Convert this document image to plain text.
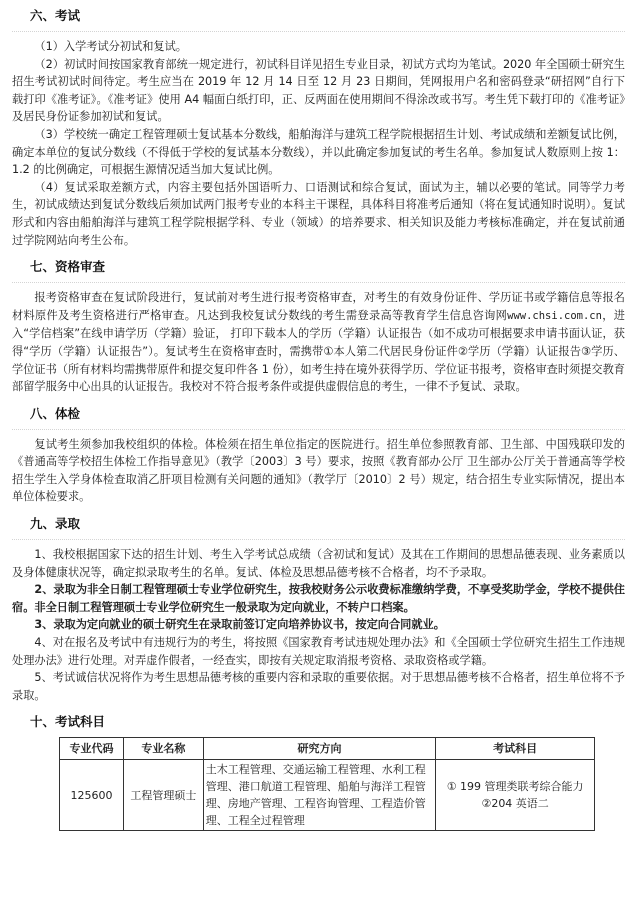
六、考试

（1）入学考试分初试和复试。

（2）初试时间按国家教育部统一规定进行，初试科目详见招生专业目录，初试方式均为笔试。2020 年全国硕士研究生招生考试初试时间待定。考生应当在 2019 年 12 月 14 日至 12 月 23 日期间，凭网报用户名和密码登录“研招网”自行下载打印《准考证》。《准考证》使用 A4 幅面白纸打印，正、反两面在使用期间不得涂改或书写。考生凭下载打印的《准考证》及居民身份证参加初试和复试。

（3）学校统一确定工程管理硕士复试基本分数线，船舶海洋与建筑工程学院根据招生计划、考试成绩和差额复试比例，确定本单位的复试分数线（不得低于学校的复试基本分数线），并以此确定参加复试的考生名单。参加复试人数原则上按 1：1.2 的比例确定，可根据生源情况适当加大复试比例。

（4）复试采取差额方式，内容主要包括外国语听力、口语测试和综合复试，面试为主，辅以必要的笔试。同等学力考生，初试成绩达到复试分数线后须加试两门报考专业的本科主干课程，具体科目将准考后通知（将在复试通知时说明）。复试形式和内容由船舶海洋与建筑工程学院根据学科、专业（领域）的培养要求、相关知识及能力考核标准确定，并在复试前通过学院网站向考生公布。

七、资格审查

报考资格审查在复试阶段进行，复试前对考生进行报考资格审查，对考生的有效身份证件、学历证书或学籍信息等报名材料原件及考生资格进行严格审查。凡达到我校复试分数线的考生需登录高等教育学生信息咨询网www.chsi.com.cn，进入“学信档案”在线申请学历（学籍）验证， 打印下载本人的学历（学籍）认证报告（如不成功可根据要求申请书面认证，获得“学历（学籍）认证报告”）。复试考生在资格审查时，需携带①本人第二代居民身份证件②学历（学籍）认证报告③学历、学位证书（所有材料均需携带原件和提交复印件各 1 份），如考生持在境外获得学历、学位证书报考，资格审查时须提交教育部留学服务中心出具的认证报告。我校对不符合报考条件或提供虚假信息的考生，一律不予复试、录取。

八、体检

复试考生须参加我校组织的体检。体检须在招生单位指定的医院进行。招生单位参照教育部、卫生部、中国残联印发的《普通高等学校招生体检工作指导意见》（教学〔2003〕3 号）要求，按照《教育部办公厅 卫生部办公厅关于普通高等学校招生学生入学身体检查取消乙肝项目检测有关问题的通知》（教学厅〔2010〕2 号）规定，结合招生专业实际情况，提出本单位体检要求。

九、录取

1、我校根据国家下达的招生计划、考生入学考试总成绩（含初试和复试）及其在工作期间的思想品德表现、业务素质以及身体健康状况等，确定拟录取考生的名单。复试、体检及思想品德考核不合格者，均不予录取。

2、录取为非全日制工程管理硕士专业学位研究生，按我校财务公示收费标准缴纳学费，不享受奖助学金，学校不提供住宿。非全日制工程管理硕士专业学位研究生一般录取为定向就业，不转户口档案。

3、录取为定向就业的硕士研究生在录取前签订定向培养协议书，按定向合同就业。

4、对在报名及考试中有违规行为的考生，将按照《国家教育考试违规处理办法》和《全国硕士学位研究生招生工作违规处理办法》进行处理。对弄虚作假者，一经查实，即按有关规定取消报考资格、录取资格或学籍。

5、考试诚信状况将作为考生思想品德考核的重要内容和录取的重要依据。对于思想品德考核不合格者，招生单位将不予录取。

十、考试科目
专业代码	专业名称	研究方向	考试科目
125600	工程管理硕士	土木工程管理、交通运输工程管理、水利工程管理、港口航道工程管理、船舶与海洋工程管理、房地产管理、工程咨询管理、工程造价管理、工程全过程管理	① 199 管理类联考综合能力
②204 英语二
